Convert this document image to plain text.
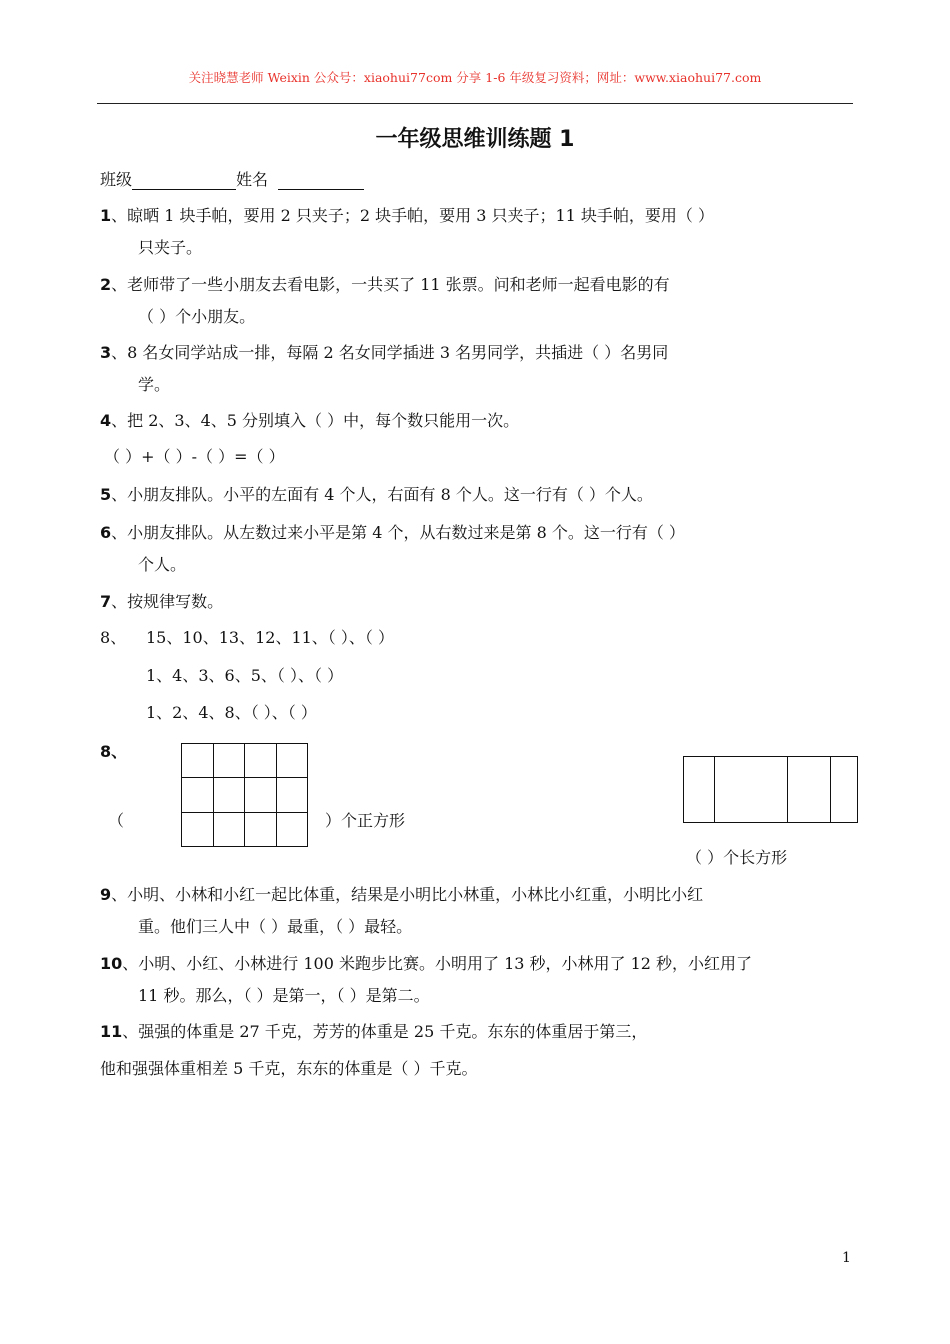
关注晓慧老师 Weixin 公众号：xiaohui77com 分享 1-6 年级复习资料；网址：www.xiaohui77.com
一年级思维训练题 1
班级	姓名
1、晾晒 1 块手帕，要用 2 只夹子；2 块手帕，要用 3 只夹子；11 块手帕，要用（ ）
只夹子。
2、老师带了一些小朋友去看电影，一共买了 11 张票。问和老师一起看电影的有
（ ）个小朋友。
3、8 名女同学站成一排，每隔 2 名女同学插进 3 名男同学，共插进（ ）名男同
学。
4、把 2、3、4、5 分别填入（ ）中，每个数只能用一次。
（ ）+（ ）-（ ）=（ ）
5、小朋友排队。小平的左面有 4 个人，右面有 8 个人。这一行有（ ）个人。
6、小朋友排队。从左数过来小平是第 4 个，从右数过来是第 8 个。这一行有（ ）
个人。
7、按规律写数。
8、 15、10、13、12、11、（ ）、（ ）
1、4、3、6、5、（ ）、（ ）
1、2、4、8、（ ）、（ ）
8、

（	）个正方形
（ ）个长方形
9、小明、小林和小红一起比体重，结果是小明比小林重，小林比小红重，小明比小红
重。他们三人中（ ）最重，（ ）最轻。
10、小明、小红、小林进行 100 米跑步比赛。小明用了 13 秒，小林用了 12 秒，小红用了
11 秒。那么，（ ）是第一，（ ）是第二。
11、强强的体重是 27 千克，芳芳的体重是 25 千克。东东的体重居于第三，
他和强强体重相差 5 千克，东东的体重是（ ）千克。
1
